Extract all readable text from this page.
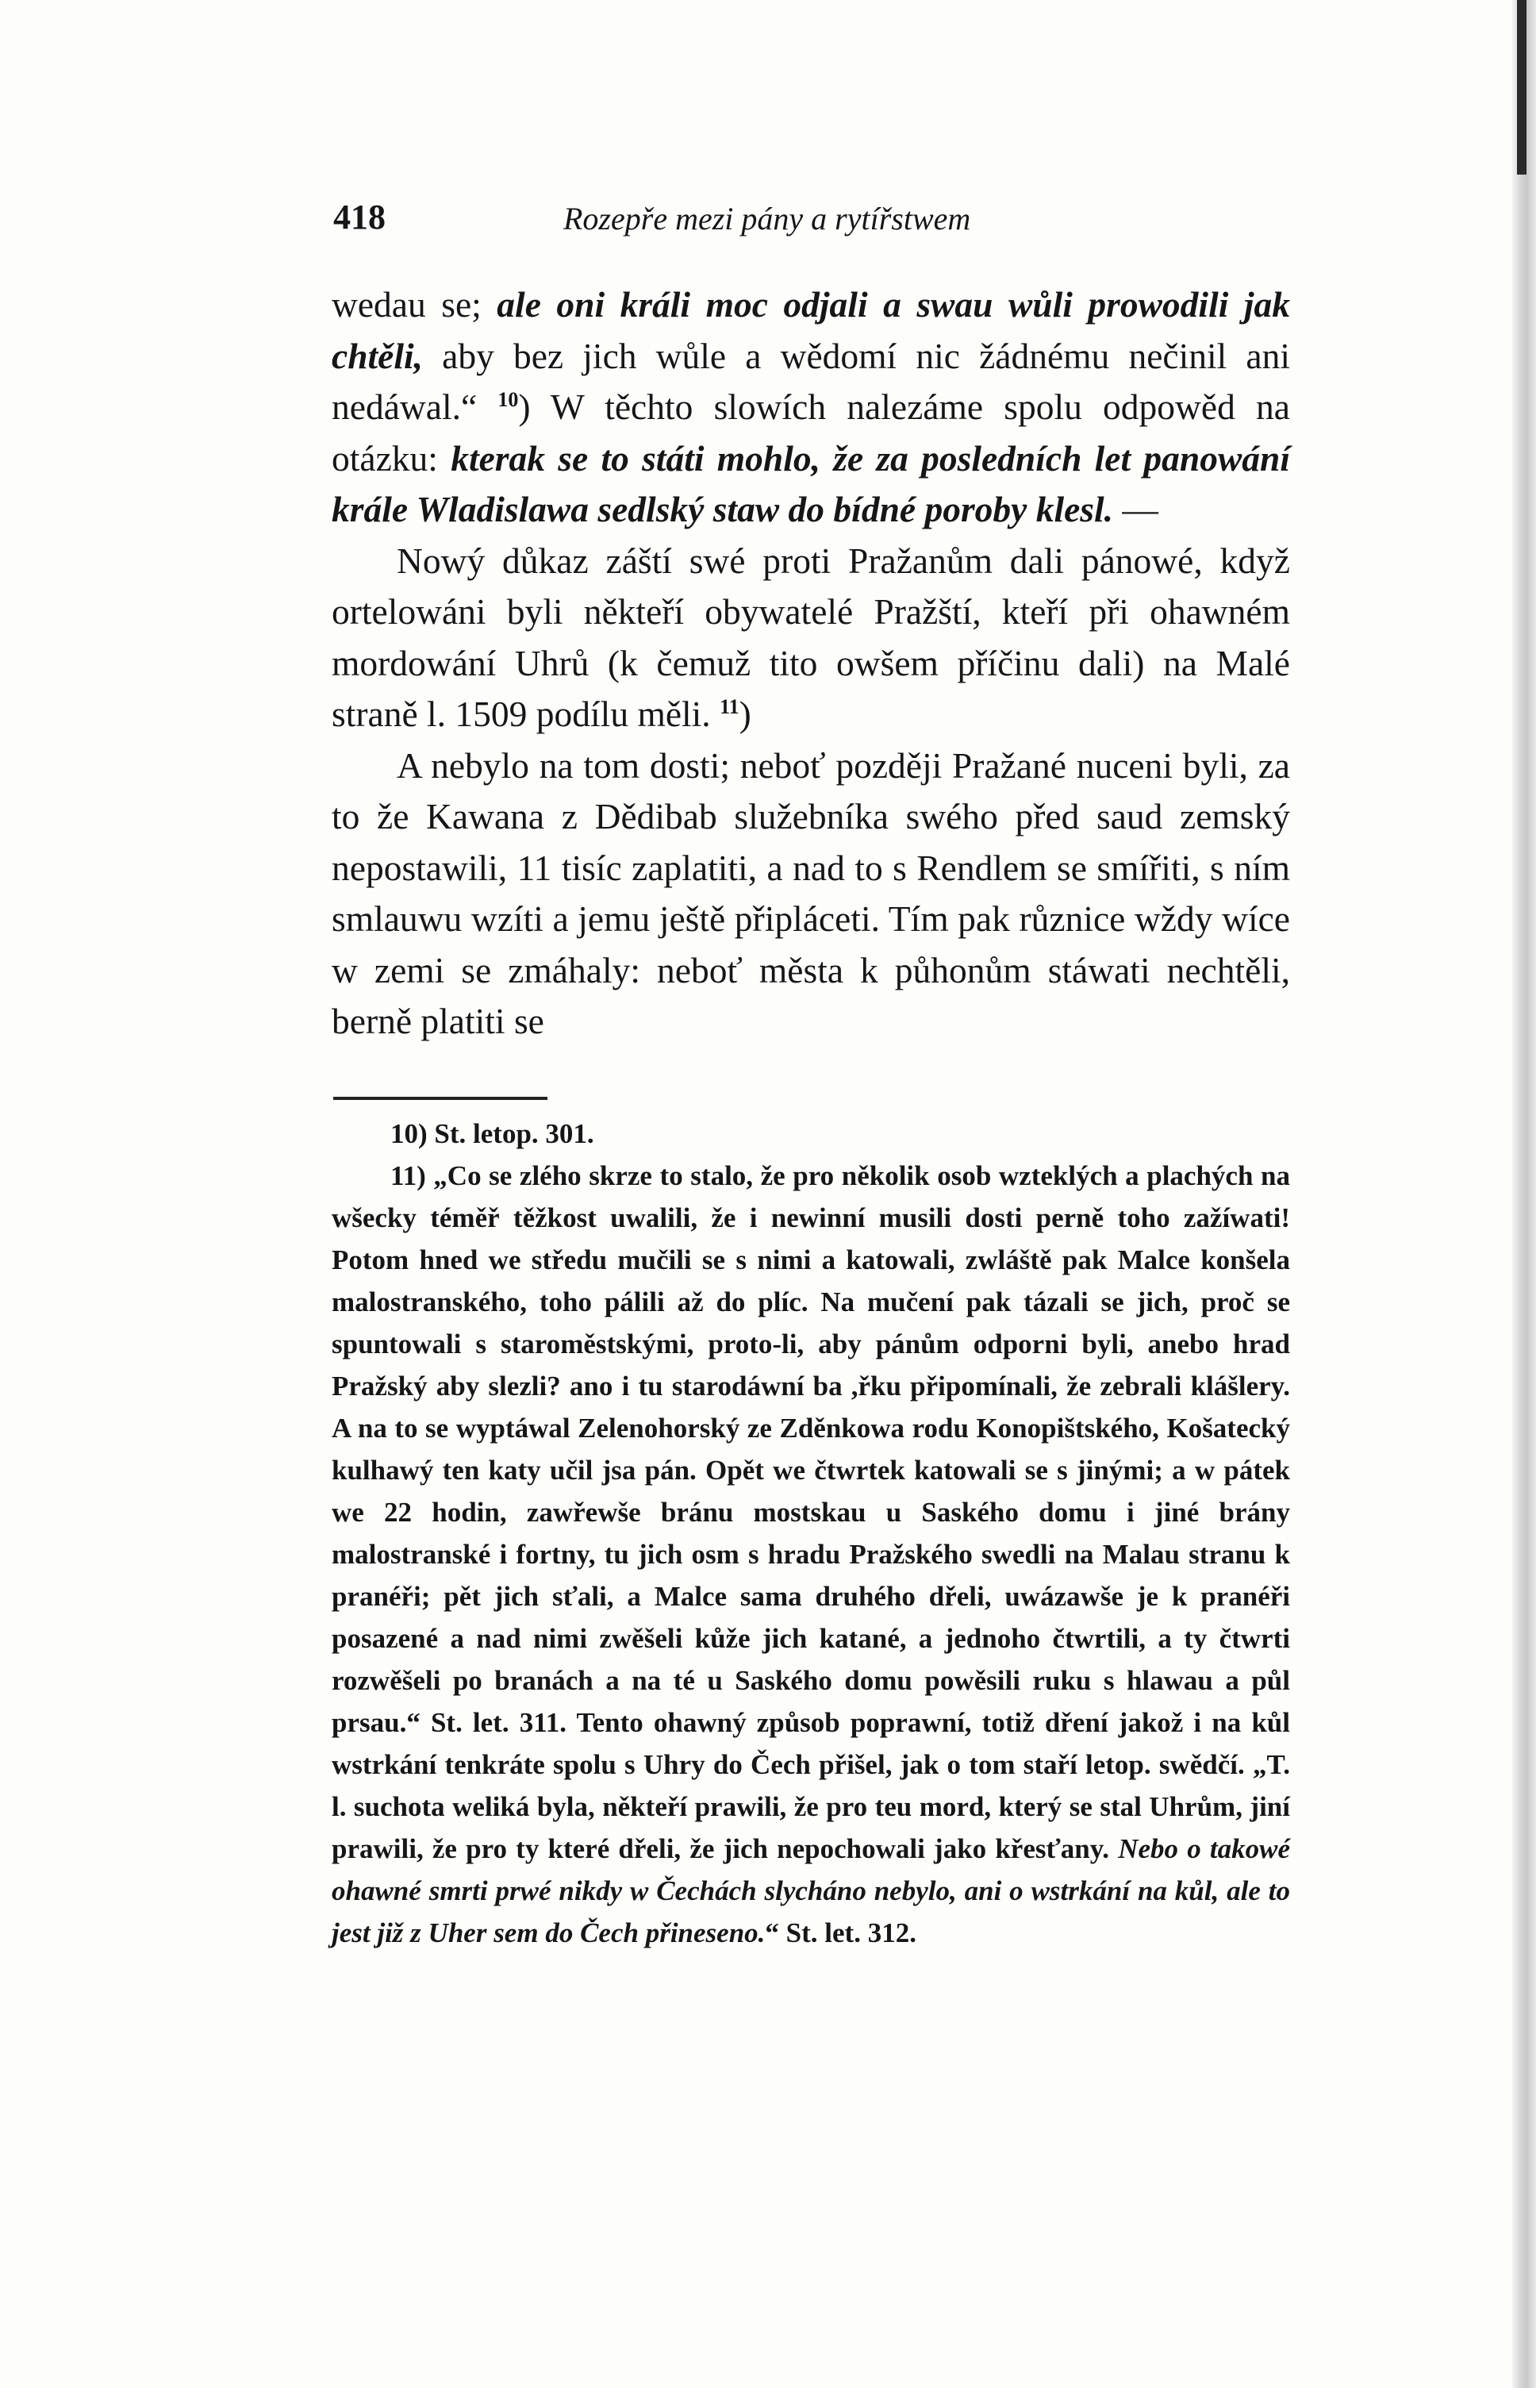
418	Rozepře mezi pány a rytířstwem

wedau se; ale oni králi moc odjali a swau wůli prowodili jak chtěli, aby bez jich wůle a wědomí nic žádnému nečinil ani nedáwal.“ $^{10}$) W těchto slowích nalezáme spolu odpowěd na otázku: kterak se to státi mohlo, že za posledních let panowání krále Wladislawa sedlský staw do bídné poroby klesl. —

Nowý důkaz záští swé proti Pražanům dali pánowé, když ortelowáni byli někteří obywatelé Pražští, kteří při ohawném mordowání Uhrů (k čemuž tito owšem příčinu dali) na Malé straně l. 1509 podílu měli. $^{11}$)

A nebylo na tom dosti; neboť později Pražané nuceni byli, za to že Kawana z Dědibab služebníka swého před saud zemský nepostawili, 11 tisíc zaplatiti, a nad to s Rendlem se smířiti, s ním smlauwu wzíti a jemu ještě připláceti. Tím pak různice wždy wíce w zemi se zmáhaly: neboť města k půhonům stáwati nechtěli, berně platiti se

10) St. letop. 301.

11) „Co se zlého skrze to stalo, že pro několik osob wzteklých a plachých na wšecky téměř těžkost uwalili, že i newinní musili dosti perně toho zažíwati! Potom hned we středu mučili se s nimi a katowali, zwláště pak Malce konšela malostranského, toho pálili až do plíc. Na mučení pak tázali se jich, proč se spuntowali s staroměstskými, proto-li, aby pánům odporni byli, anebo hrad Pražský aby slezli? ano i tu starodáwní ba ,řku připomínali, že zebrali klášlery. A na to se wyptáwal Zelenohorský ze Zděnkowa rodu Konopištského, Košatecký kulhawý ten katy učil jsa pán. Opět we čtwrtek katowali se s jinými; a w pátek we 22 hodin, zawřewše bránu mostskau u Saského domu i jiné brány malostranské i fortny, tu jich osm s hradu Pražského swedli na Malau stranu k pranéři; pět jich sťali, a Malce sama druhého dřeli, uwázawše je k pranéři posazené a nad nimi zwěšeli kůže jich katané, a jednoho čtwrtili, a ty čtwrti rozwěšeli po branách a na té u Saského domu powěsili ruku s hlawau a půl prsau.“ St. let. 311. Tento ohawný způsob poprawní, totiž dření jakož i na kůl wstrkání tenkráte spolu s Uhry do Čech přišel, jak o tom staří letop. swědčí. „T. l. suchota weliká byla, někteří prawili, že pro teu mord, který se stal Uhrům, jiní prawili, že pro ty které dřeli, že jich nepochowali jako křesťany. Nebo o takowé ohawné smrti prwé nikdy w Čechách slycháno nebylo, ani o wstrkání na kůl, ale to jest již z Uher sem do Čech přineseno.“ St. let. 312.
